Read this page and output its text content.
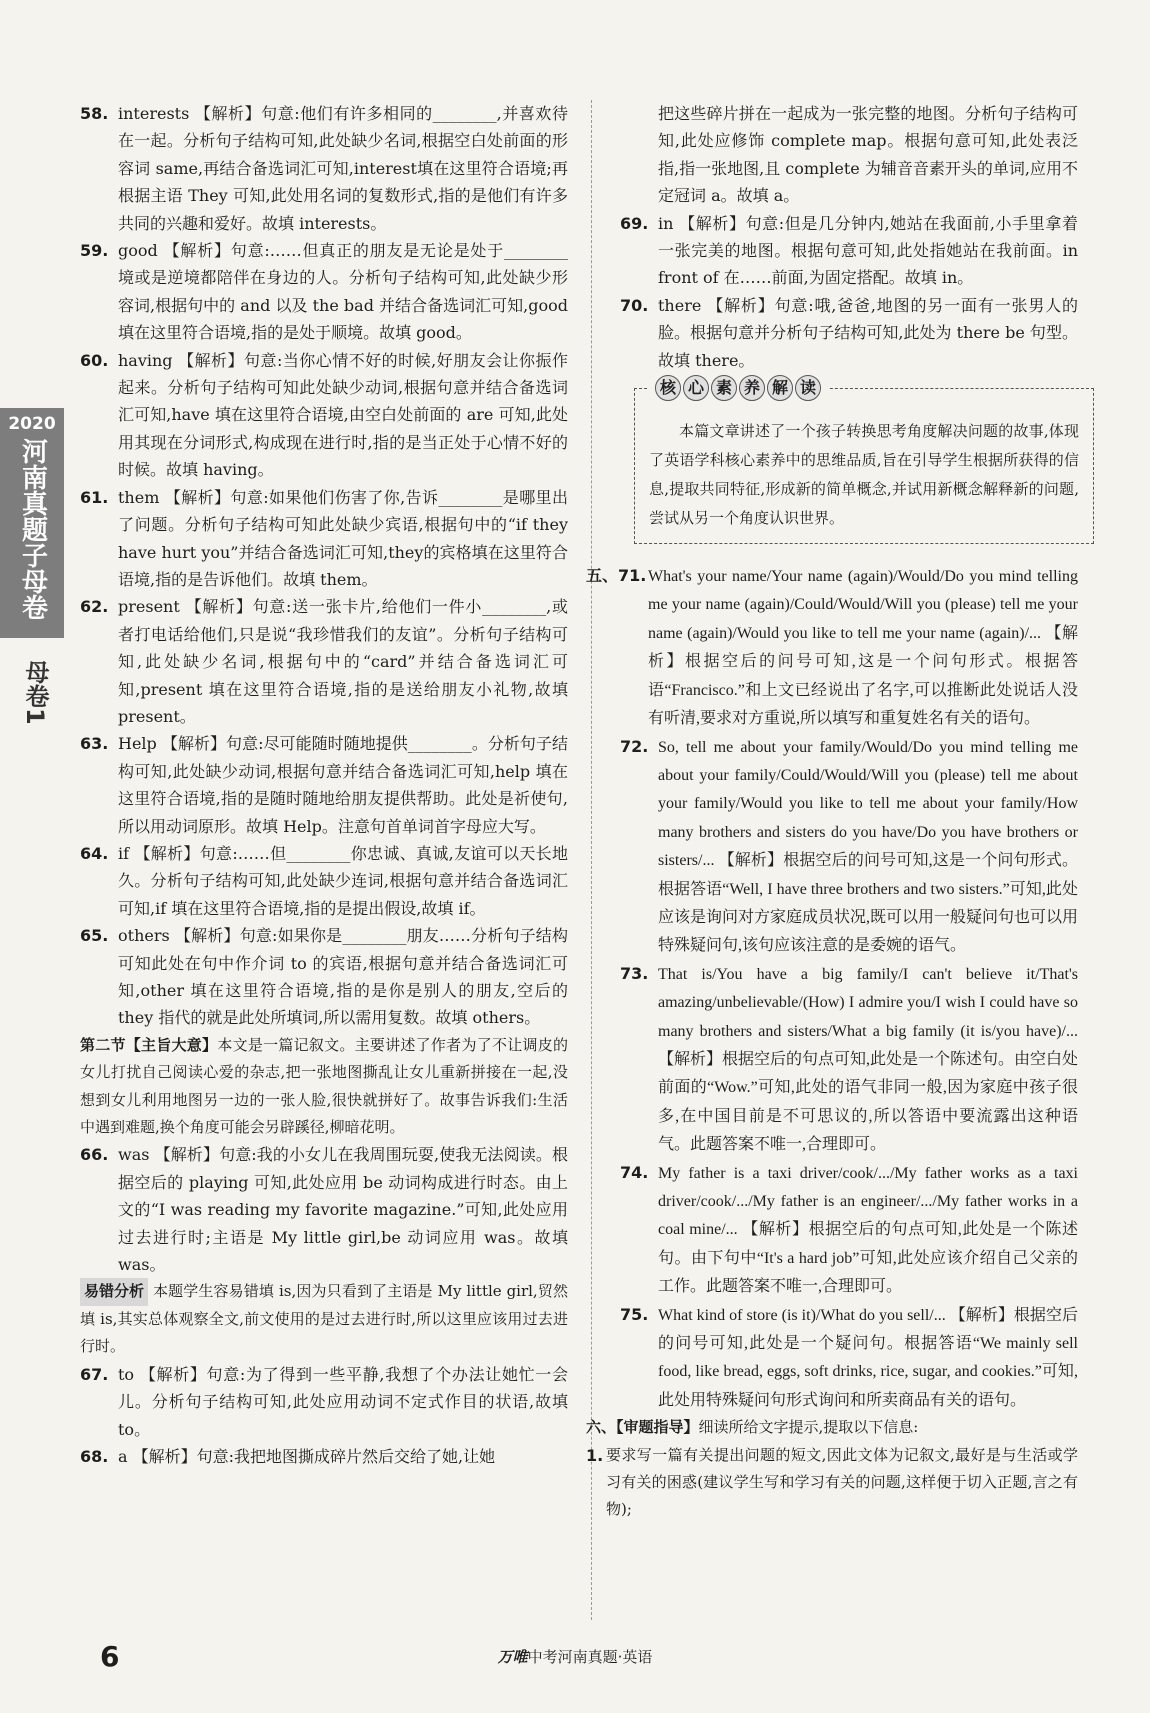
2020
河南真题子母卷
母卷1
58. interests 【解析】句意:他们有许多相同的________,并喜欢待在一起。分析句子结构可知,此处缺少名词,根据空白处前面的形容词 same,再结合备选词汇可知,interest填在这里符合语境;再根据主语 They 可知,此处用名词的复数形式,指的是他们有许多共同的兴趣和爱好。故填 interests。
59. good 【解析】句意:……但真正的朋友是无论是处于________境或是逆境都陪伴在身边的人。分析句子结构可知,此处缺少形容词,根据句中的 and 以及 the bad 并结合备选词汇可知,good 填在这里符合语境,指的是处于顺境。故填 good。
60. having 【解析】句意:当你心情不好的时候,好朋友会让你振作起来。分析句子结构可知此处缺少动词,根据句意并结合备选词汇可知,have 填在这里符合语境,由空白处前面的 are 可知,此处用其现在分词形式,构成现在进行时,指的是当正处于心情不好的时候。故填 having。
61. them 【解析】句意:如果他们伤害了你,告诉________是哪里出了问题。分析句子结构可知此处缺少宾语,根据句中的“if they have hurt you”并结合备选词汇可知,they的宾格填在这里符合语境,指的是告诉他们。故填 them。
62. present 【解析】句意:送一张卡片,给他们一件小________,或者打电话给他们,只是说“我珍惜我们的友谊”。分析句子结构可知,此处缺少名词,根据句中的“card”并结合备选词汇可知,present 填在这里符合语境,指的是送给朋友小礼物,故填 present。
63. Help 【解析】句意:尽可能随时随地提供________。分析句子结构可知,此处缺少动词,根据句意并结合备选词汇可知,help 填在这里符合语境,指的是随时随地给朋友提供帮助。此处是祈使句,所以用动词原形。故填 Help。注意句首单词首字母应大写。
64. if 【解析】句意:……但________你忠诚、真诚,友谊可以天长地久。分析句子结构可知,此处缺少连词,根据句意并结合备选词汇可知,if 填在这里符合语境,指的是提出假设,故填 if。
65. others 【解析】句意:如果你是________朋友……分析句子结构可知此处在句中作介词 to 的宾语,根据句意并结合备选词汇可知,other 填在这里符合语境,指的是你是别人的朋友,空后的 they 指代的就是此处所填词,所以需用复数。故填 others。
第二节【主旨大意】本文是一篇记叙文。主要讲述了作者为了不让调皮的女儿打扰自己阅读心爱的杂志,把一张地图撕乱让女儿重新拼接在一起,没想到女儿利用地图另一边的一张人脸,很快就拼好了。故事告诉我们:生活中遇到难题,换个角度可能会另辟蹊径,柳暗花明。
66. was 【解析】句意:我的小女儿在我周围玩耍,使我无法阅读。根据空后的 playing 可知,此处应用 be 动词构成进行时态。由上文的“I was reading my favorite magazine.”可知,此处应用过去进行时;主语是 My little girl,be 动词应用 was。故填 was。
易错分析 本题学生容易错填 is,因为只看到了主语是 My little girl,贸然填 is,其实总体观察全文,前文使用的是过去进行时,所以这里应该用过去进行时。
67. to 【解析】句意:为了得到一些平静,我想了个办法让她忙一会儿。分析句子结构可知,此处应用动词不定式作目的状语,故填 to。
68. a 【解析】句意:我把地图撕成碎片然后交给了她,让她
把这些碎片拼在一起成为一张完整的地图。分析句子结构可知,此处应修饰 complete map。根据句意可知,此处表泛指,指一张地图,且 complete 为辅音音素开头的单词,应用不定冠词 a。故填 a。
69. in 【解析】句意:但是几分钟内,她站在我面前,小手里拿着一张完美的地图。根据句意可知,此处指她站在我前面。in front of 在……前面,为固定搭配。故填 in。
70. there 【解析】句意:哦,爸爸,地图的另一面有一张男人的脸。根据句意并分析句子结构可知,此处为 there be 句型。故填 there。
核 心 素 养 解 读
本篇文章讲述了一个孩子转换思考角度解决问题的故事,体现了英语学科核心素养中的思维品质,旨在引导学生根据所获得的信息,提取共同特征,形成新的简单概念,并试用新概念解释新的问题,尝试从另一个角度认识世界。
五、71. What's your name/Your name (again)/Would/Do you mind telling me your name (again)/Could/Would/Will you (please) tell me your name (again)/Would you like to tell me your name (again)/... 【解析】根据空后的问号可知,这是一个问句形式。根据答语“Francisco.”和上文已经说出了名字,可以推断此处说话人没有听清,要求对方重说,所以填写和重复姓名有关的语句。
72. So, tell me about your family/Would/Do you mind telling me about your family/Could/Would/Will you (please) tell me about your family/Would you like to tell me about your family/How many brothers and sisters do you have/Do you have brothers or sisters/... 【解析】根据空后的问号可知,这是一个问句形式。根据答语“Well, I have three brothers and two sisters.”可知,此处应该是询问对方家庭成员状况,既可以用一般疑问句也可以用特殊疑问句,该句应该注意的是委婉的语气。
73. That is/You have a big family/I can't believe it/That's amazing/unbelievable/(How) I admire you/I wish I could have so many brothers and sisters/What a big family (it is/you have)/... 【解析】根据空后的句点可知,此处是一个陈述句。由空白处前面的“Wow.”可知,此处的语气非同一般,因为家庭中孩子很多,在中国目前是不可思议的,所以答语中要流露出这种语气。此题答案不唯一,合理即可。
74. My father is a taxi driver/cook/.../My father works as a taxi driver/cook/.../My father is an engineer/.../My father works in a coal mine/... 【解析】根据空后的句点可知,此处是一个陈述句。由下句中“It's a hard job”可知,此处应该介绍自己父亲的工作。此题答案不唯一,合理即可。
75. What kind of store (is it)/What do you sell/... 【解析】根据空后的问号可知,此处是一个疑问句。根据答语“We mainly sell food, like bread, eggs, soft drinks, rice, sugar, and cookies.”可知,此处用特殊疑问句形式询问和所卖商品有关的语句。
六、【审题指导】细读所给文字提示,提取以下信息:
1. 要求写一篇有关提出问题的短文,因此文体为记叙文,最好是与生活或学习有关的困惑(建议学生写和学习有关的问题,这样便于切入正题,言之有物);
6	万唯中考河南真题·英语
